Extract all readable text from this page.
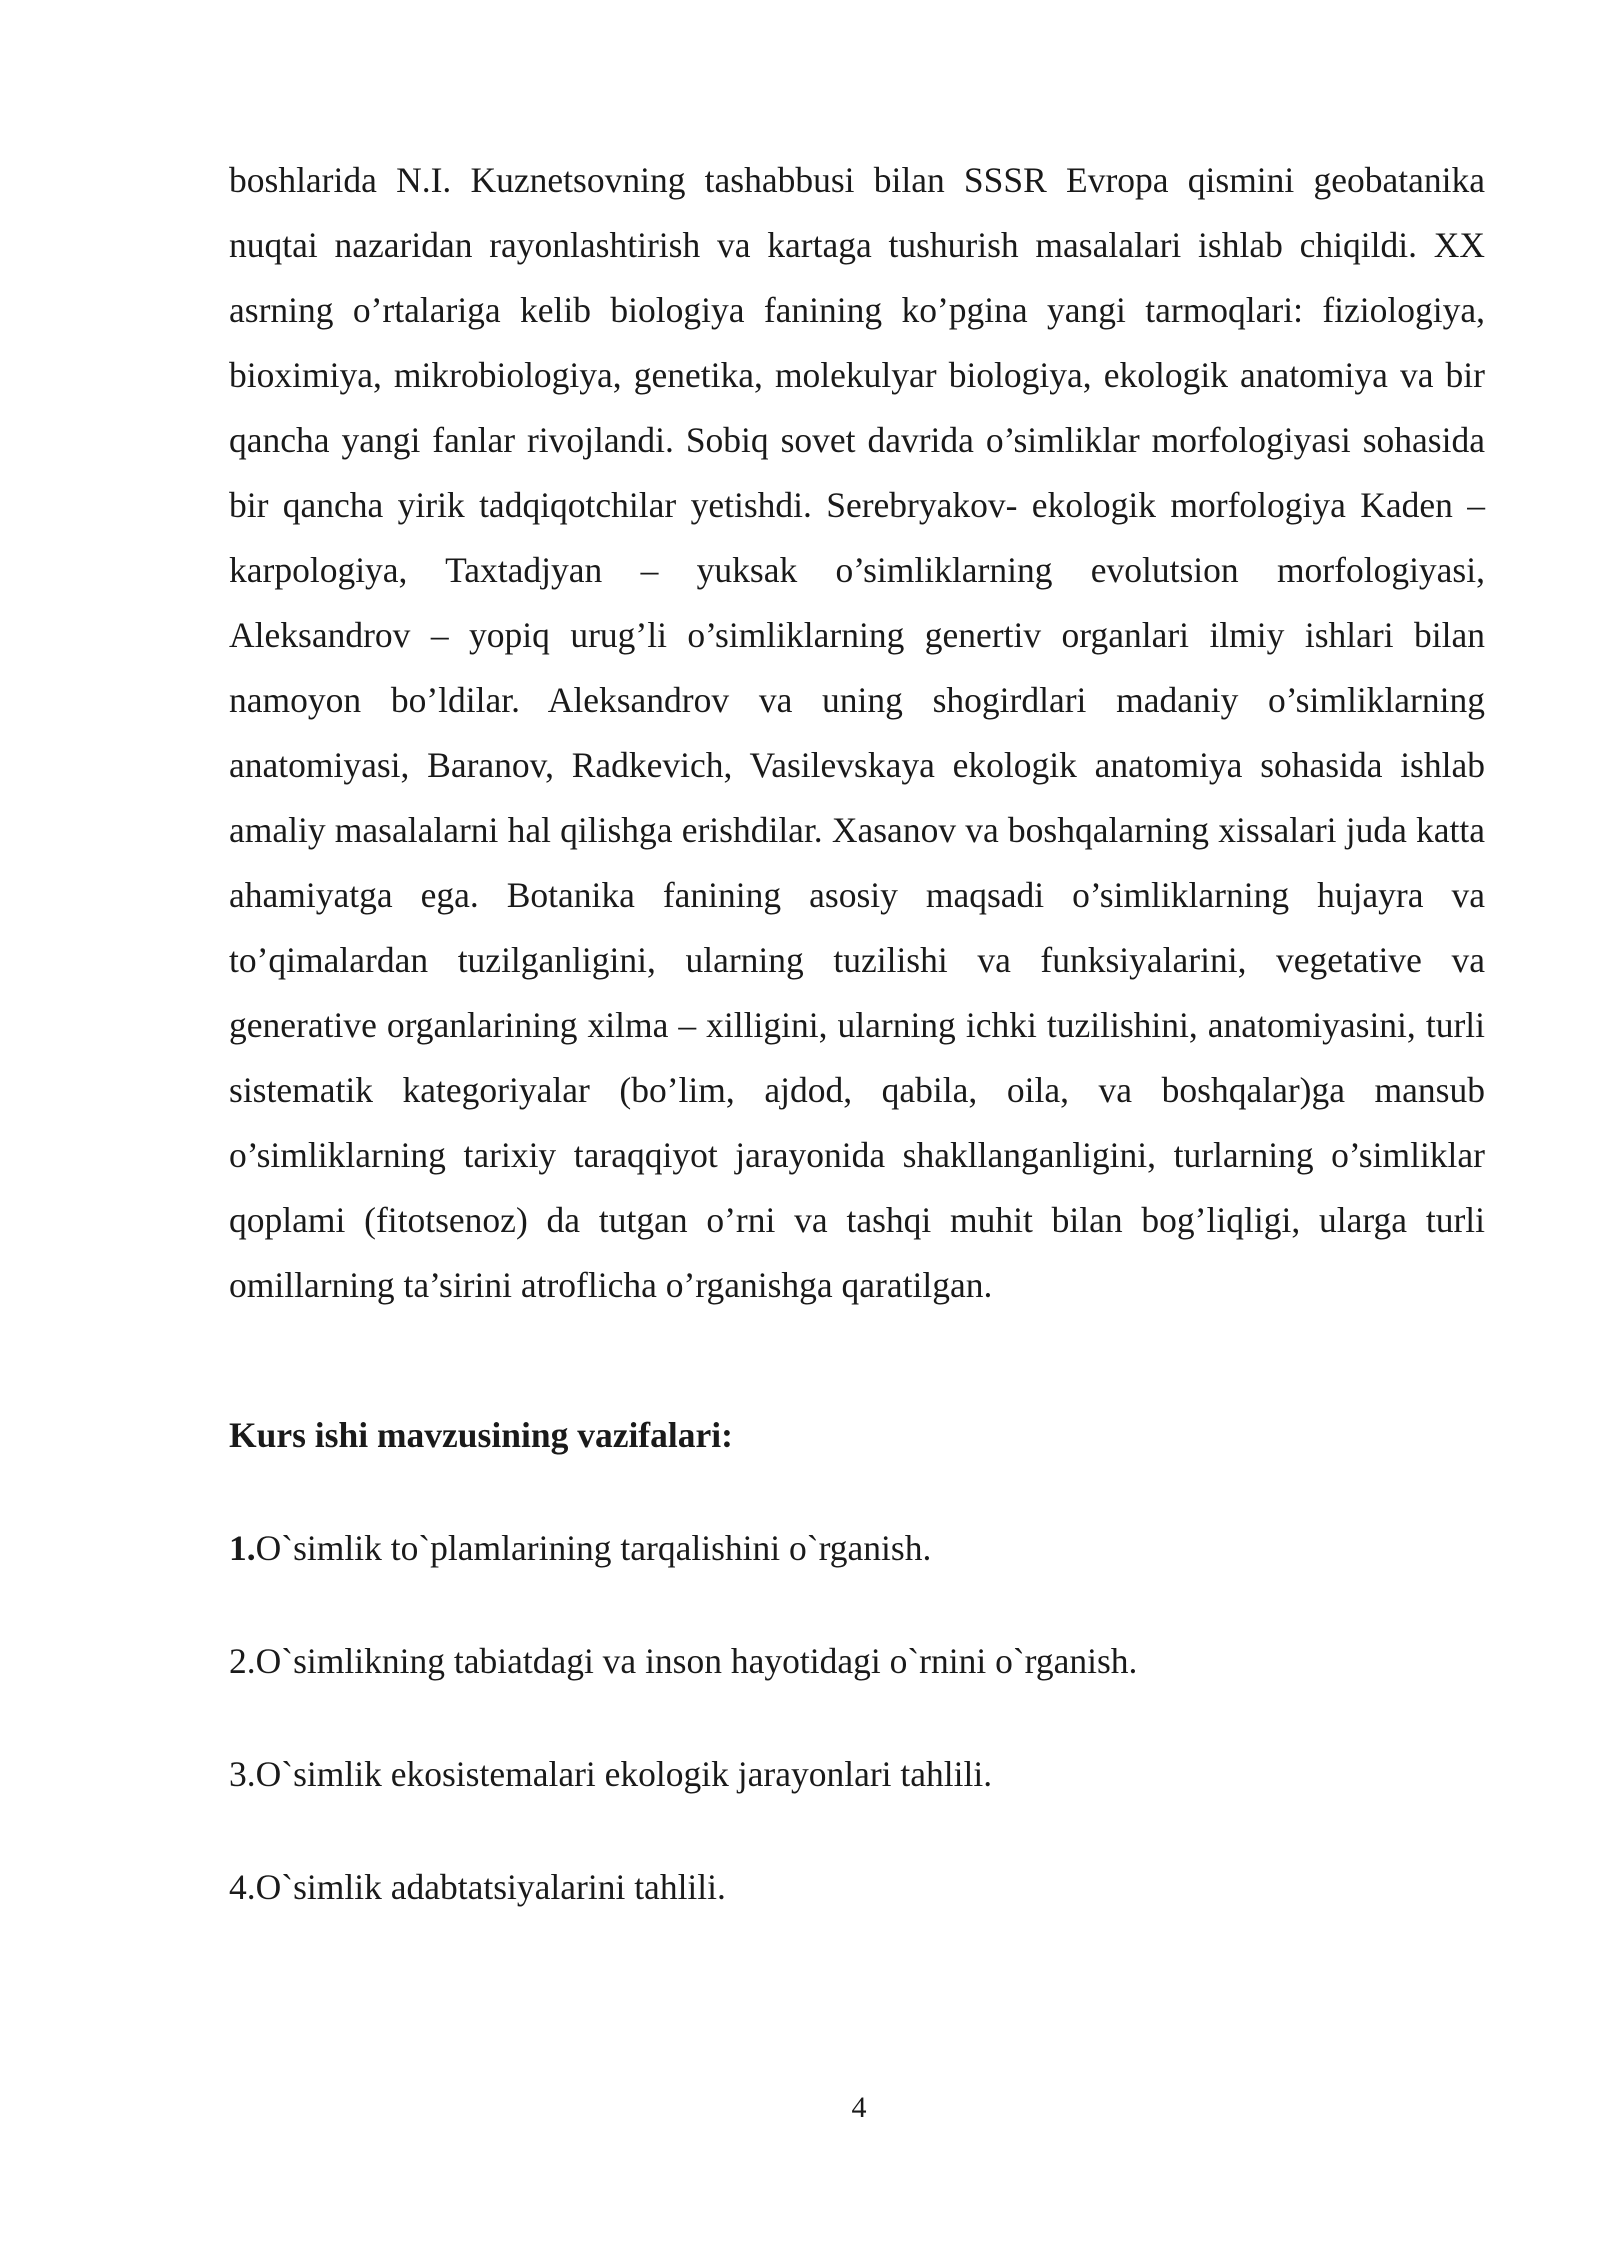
boshlarida N.I. Kuznetsovning tashabbusi bilan SSSR Evropa qismini geobatanika nuqtai nazaridan rayonlashtirish va kartaga tushurish masalalari ishlab chiqildi. XX asrning o’rtalariga kelib biologiya fanining ko’pgina yangi tarmoqlari: fiziologiya, bioximiya, mikrobiologiya, genetika, molekulyar biologiya, ekologik anatomiya va bir qancha yangi fanlar rivojlandi. Sobiq sovet davrida o’simliklar morfologiyasi sohasida bir qancha yirik tadqiqotchilar yetishdi. Serebryakov- ekologik morfologiya Kaden – karpologiya, Taxtadjyan – yuksak o’simliklarning evolutsion morfologiyasi, Aleksandrov – yopiq urug’li o’simliklarning genertiv organlari ilmiy ishlari bilan namoyon bo’ldilar. Aleksandrov va uning shogirdlari madaniy o’simliklarning anatomiyasi, Baranov, Radkevich, Vasilevskaya ekologik anatomiya sohasida ishlab amaliy masalalarni hal qilishga erishdilar. Xasanov va boshqalarning xissalari juda katta ahamiyatga ega. Botanika fanining asosiy maqsadi o’simliklarning hujayra va to’qimalardan tuzilganligini, ularning tuzilishi va funksiyalarini, vegetative va generative organlarining xilma – xilligini, ularning ichki tuzilishini, anatomiyasini, turli sistematik kategoriyalar (bo’lim, ajdod, qabila, oila, va boshqalar)ga mansub o’simliklarning tarixiy taraqqiyot jarayonida shakllanganligini, turlarning o’simliklar qoplami (fitotsenoz) da tutgan o’rni va tashqi muhit bilan bog’liqligi, ularga turli omillarning ta’sirini atroflicha o’rganishga qaratilgan.

Kurs ishi mavzusining vazifalari:

1.O`simlik to`plamlarining tarqalishini o`rganish.

2.O`simlikning tabiatdagi va inson hayotidagi o`rnini o`rganish.

3.O`simlik ekosistemalari ekologik jarayonlari tahlili.

4.O`simlik adabtatsiyalarini tahlili.

4
